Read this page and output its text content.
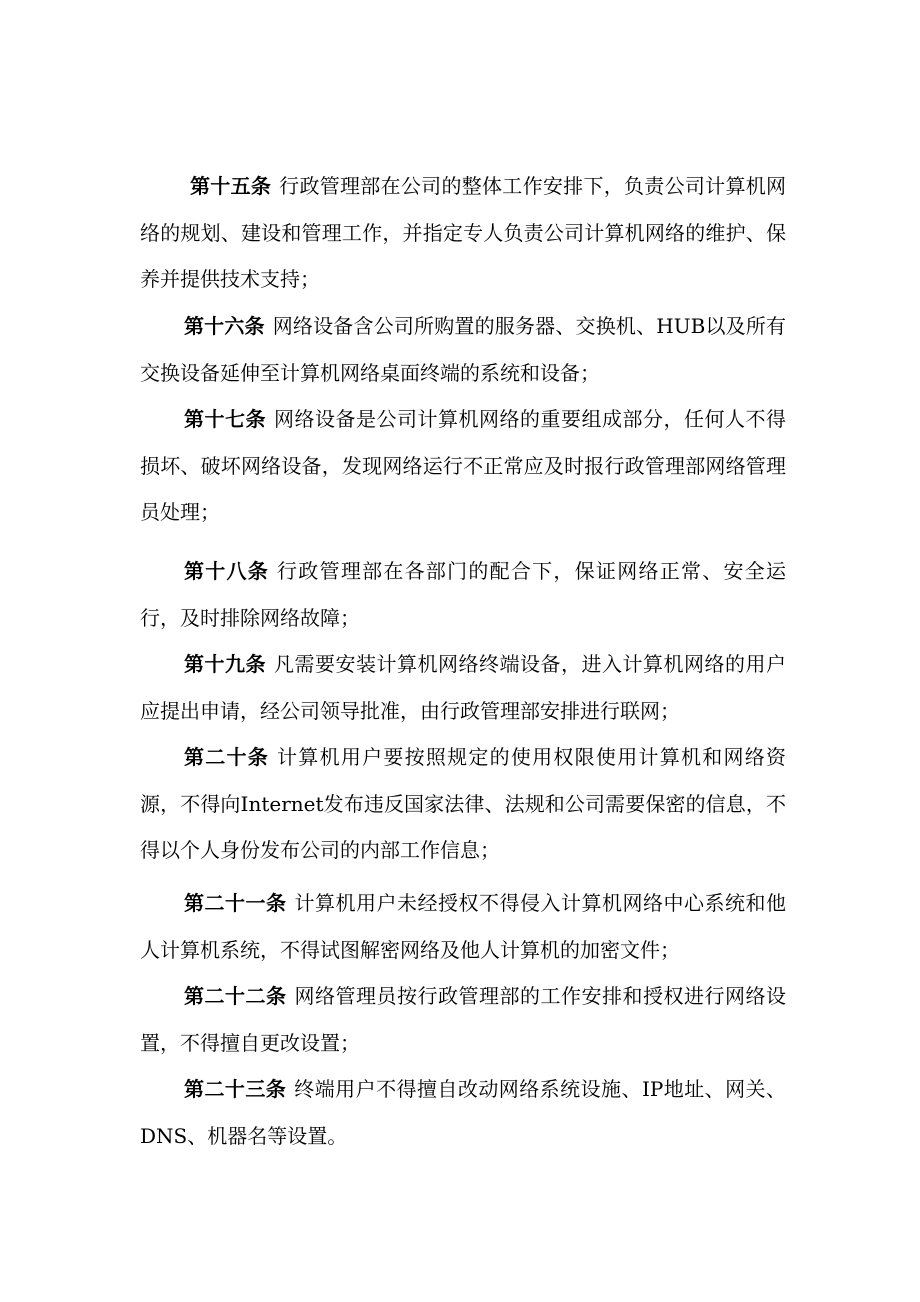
第十五条 行政管理部在公司的整体工作安排下，负责公司计算机网络的规划、建设和管理工作，并指定专人负责公司计算机网络的维护、保养并提供技术支持；

第十六条 网络设备含公司所购置的服务器、交换机、HUB以及所有交换设备延伸至计算机网络桌面终端的系统和设备；

第十七条 网络设备是公司计算机网络的重要组成部分，任何人不得损坏、破坏网络设备，发现网络运行不正常应及时报行政管理部网络管理员处理；

第十八条 行政管理部在各部门的配合下，保证网络正常、安全运行，及时排除网络故障；

第十九条 凡需要安装计算机网络终端设备，进入计算机网络的用户应提出申请，经公司领导批准，由行政管理部安排进行联网；

第二十条 计算机用户要按照规定的使用权限使用计算机和网络资源，不得向Internet发布违反国家法律、法规和公司需要保密的信息，不得以个人身份发布公司的内部工作信息；

第二十一条 计算机用户未经授权不得侵入计算机网络中心系统和他人计算机系统，不得试图解密网络及他人计算机的加密文件；

第二十二条 网络管理员按行政管理部的工作安排和授权进行网络设置，不得擅自更改设置；

第二十三条 终端用户不得擅自改动网络系统设施、IP地址、网关、DNS、机器名等设置。
